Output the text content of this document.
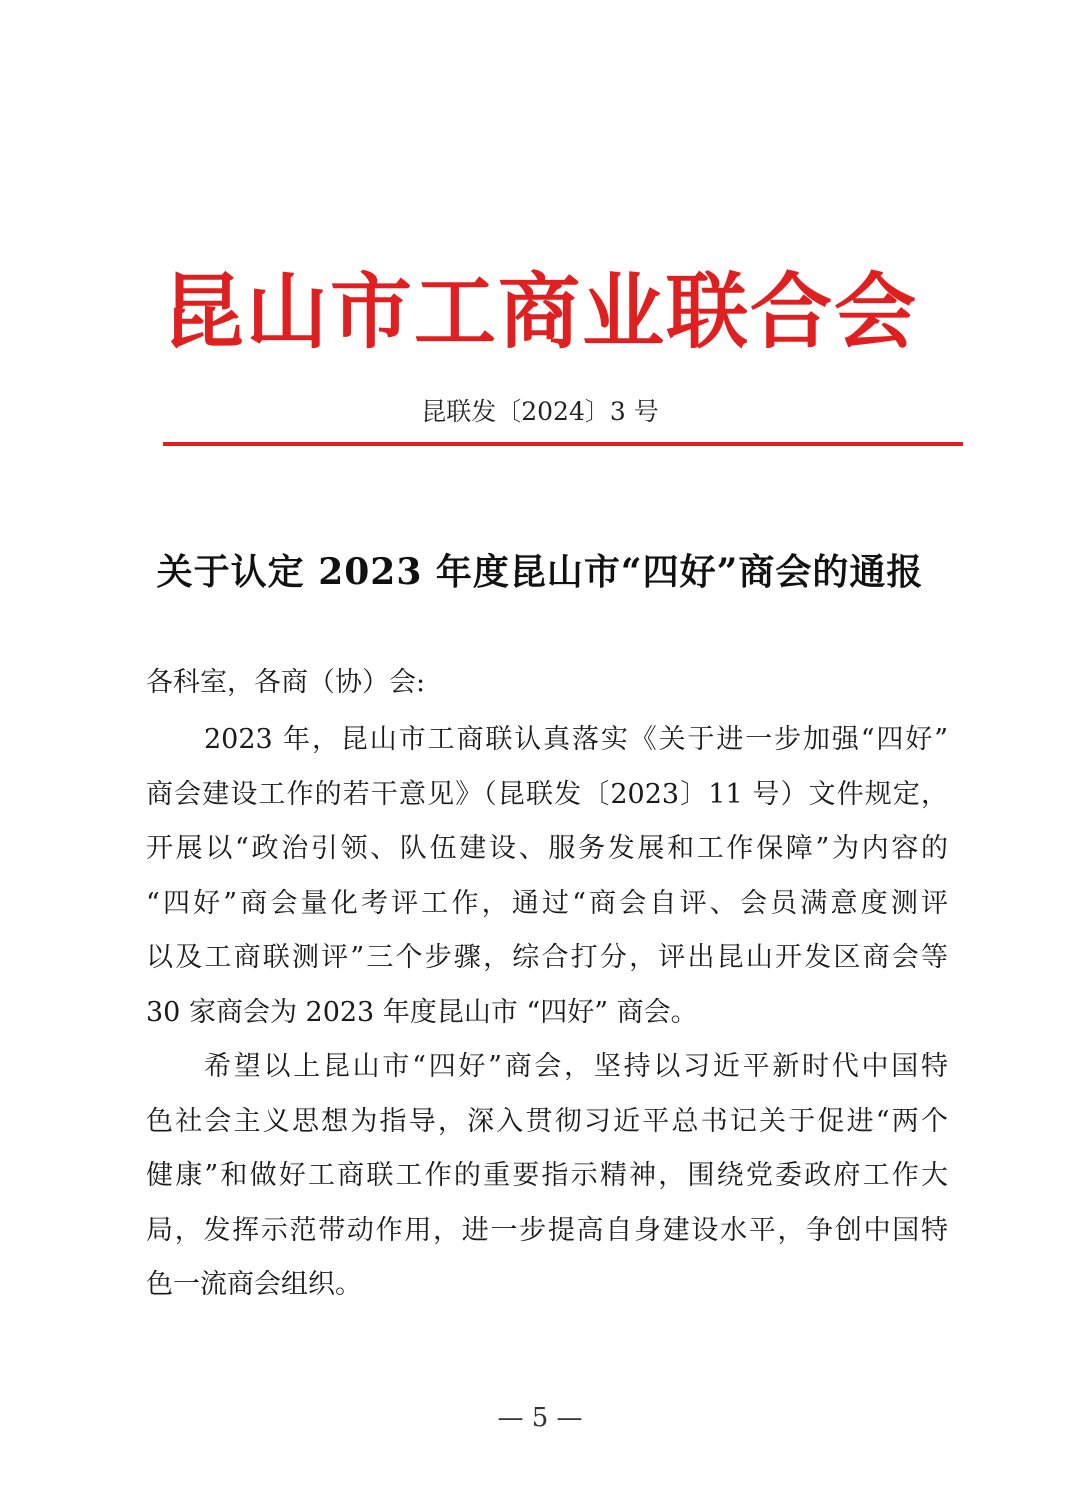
昆山市工商业联合会
昆联发〔2024〕3 号
关于认定 2023 年度昆山市“四好”商会的通报
各科室，各商（协）会:
2023 年，昆山市工商联认真落实《关于进一步加强“四好”
商会建设工作的若干意见》（昆联发〔2023〕11 号）文件规定，
开展以“政治引领、队伍建设、服务发展和工作保障”为内容的
“四好”商会量化考评工作，通过“商会自评、会员满意度测评
以及工商联测评”三个步骤，综合打分，评出昆山开发区商会等
30 家商会为 2023 年度昆山市 “四好” 商会。
希望以上昆山市“四好”商会，坚持以习近平新时代中国特
色社会主义思想为指导，深入贯彻习近平总书记关于促进“两个
健康”和做好工商联工作的重要指示精神，围绕党委政府工作大
局，发挥示范带动作用，进一步提高自身建设水平，争创中国特
色一流商会组织。
— 5 —
